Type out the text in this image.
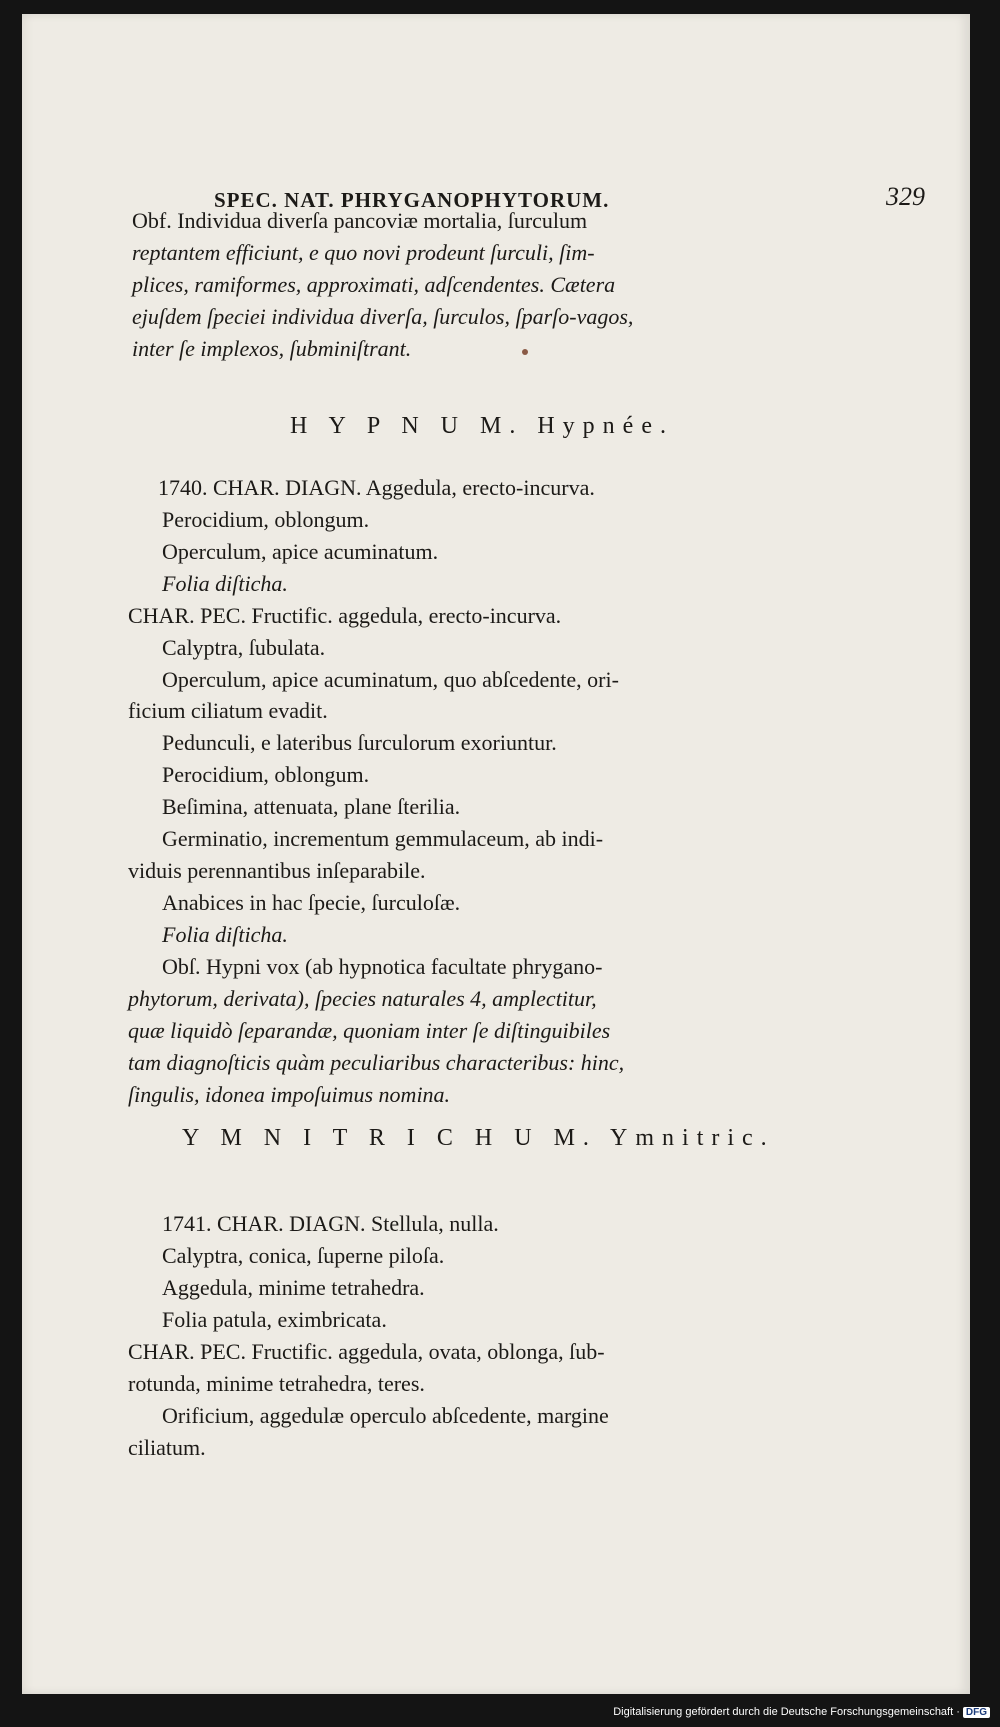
SPEC. NAT. PHRYGANOPHYTORUM.	329
Obf. Individua diverſa pancoviæ mortalia, ſurculum
reptantem efficiunt, e quo novi prodeunt ſurculi, ſim-
plices, ramiformes, approximati, adſcendentes. Cætera
ejuſdem ſpeciei individua diverſa, ſurculos, ſparſo-vagos,
inter ſe implexos, ſubminiſtrant.
H Y P N U M. Hypnée.
1740. CHAR. DIAGN. Aggedula, erecto-incurva.
Perocidium, oblongum.
Operculum, apice acuminatum.
Folia diſticha.
CHAR. PEC. Fructific. aggedula, erecto-incurva.
Calyptra, ſubulata.
Operculum, apice acuminatum, quo abſcedente, ori-
ficium ciliatum evadit.
Pedunculi, e lateribus ſurculorum exoriuntur.
Perocidium, oblongum.
Beſimina, attenuata, plane ſterilia.
Germinatio, incrementum gemmulaceum, ab indi-
viduis perennantibus inſeparabile.
Anabices in hac ſpecie, ſurculoſæ.
Folia diſticha.
Obſ. Hypni vox (ab hypnotica facultate phrygano-
phytorum, derivata), ſpecies naturales 4, amplectitur,
quæ liquidò ſeparandæ, quoniam inter ſe diſtinguibiles
tam diagnoſticis quàm peculiaribus characteribus: hinc,
ſingulis, idonea impoſuimus nomina.
Y M N I T R I C H U M. Ymnitric.
1741. CHAR. DIAGN. Stellula, nulla.
Calyptra, conica, ſuperne piloſa.
Aggedula, minime tetrahedra.
Folia patula, eximbricata.
CHAR. PEC. Fructific. aggedula, ovata, oblonga, ſub-
rotunda, minime tetrahedra, teres.
Orificium, aggedulæ operculo abſcedente, margine
ciliatum.
Digitalisierung gefördert durch die Deutsche Forschungsgemeinschaft · DFG
